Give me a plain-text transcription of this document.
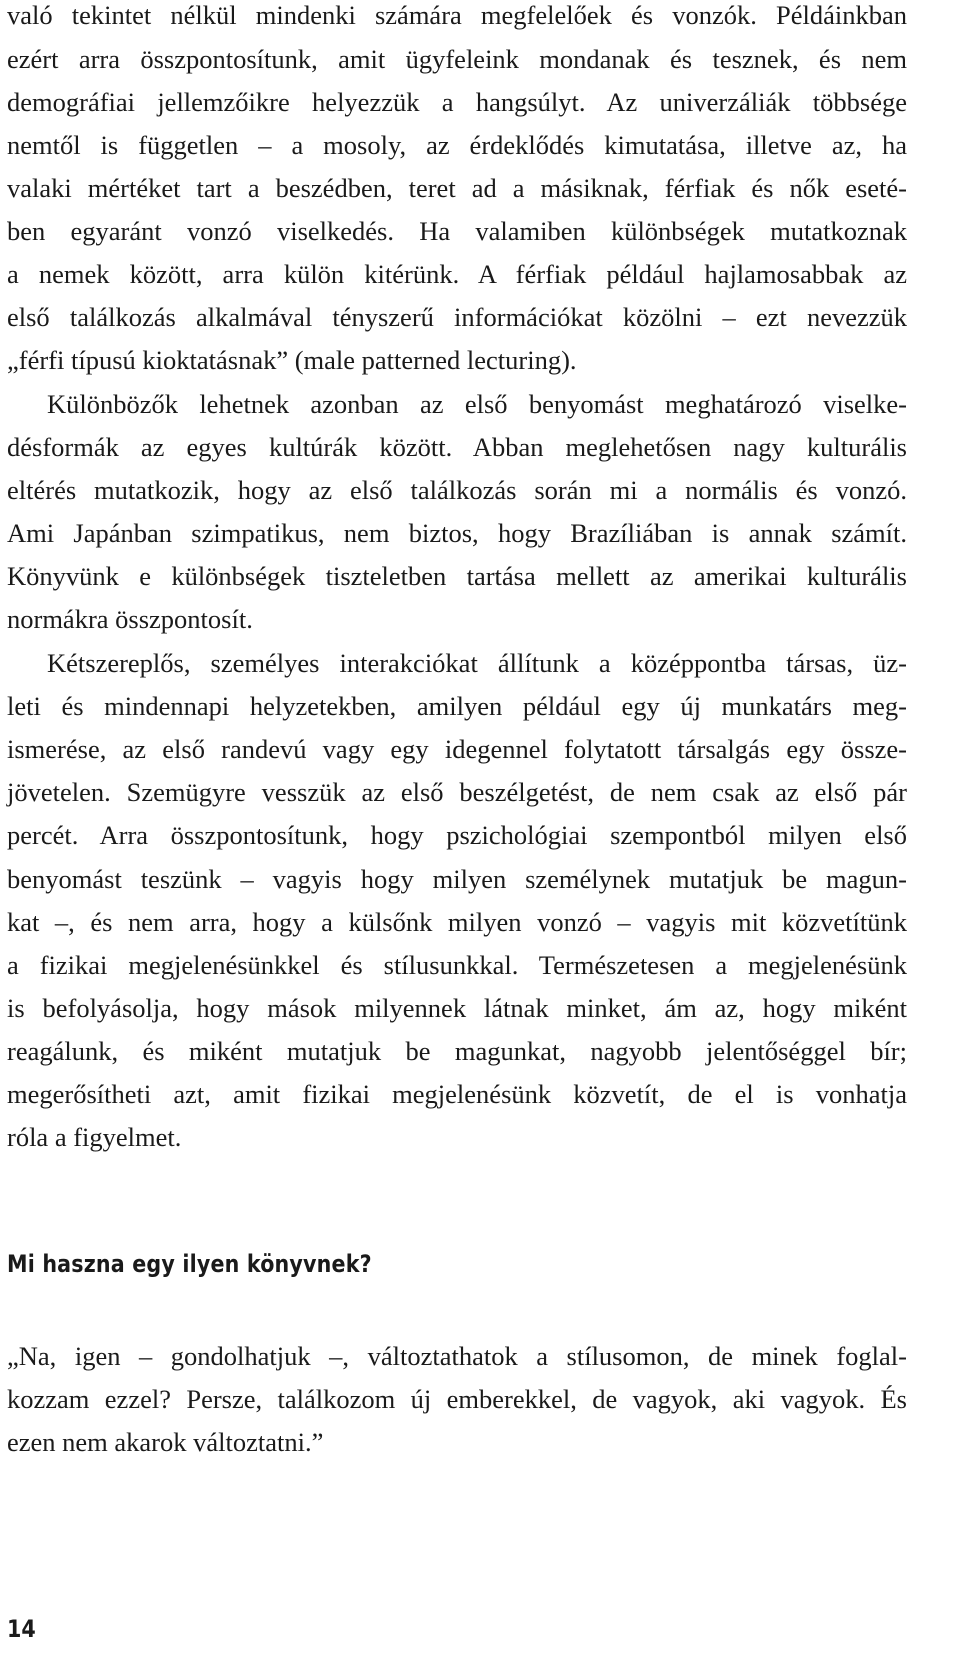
való tekintet nélkül mindenki számára megfelelőek és vonzók. Példáinkban
ezért arra összpontosítunk, amit ügyfeleink mondanak és tesznek, és nem
demográfiai jellemzőikre helyezzük a hangsúlyt. Az univerzáliák többsége
nemtől is független – a mosoly, az érdeklődés kimutatása, illetve az, ha
valaki mértéket tart a beszédben, teret ad a másiknak, férfiak és nők eseté-
ben egyaránt vonzó viselkedés. Ha valamiben különbségek mutatkoznak
a nemek között, arra külön kitérünk. A férfiak például hajlamosabbak az
első találkozás alkalmával tényszerű információkat közölni – ezt nevezzük
„férfi típusú kioktatásnak” (male patterned lecturing).
Különbözők lehetnek azonban az első benyomást meghatározó viselke-
désformák az egyes kultúrák között. Abban meglehetősen nagy kulturális
eltérés mutatkozik, hogy az első találkozás során mi a normális és vonzó.
Ami Japánban szimpatikus, nem biztos, hogy Brazíliában is annak számít.
Könyvünk e különbségek tiszteletben tartása mellett az amerikai kulturális
normákra összpontosít.
Kétszereplős, személyes interakciókat állítunk a középpontba társas, üz-
leti és mindennapi helyzetekben, amilyen például egy új munkatárs meg-
ismerése, az első randevú vagy egy idegennel folytatott társalgás egy össze-
jövetelen. Szemügyre vesszük az első beszélgetést, de nem csak az első pár
percét. Arra összpontosítunk, hogy pszichológiai szempontból milyen első
benyomást teszünk – vagyis hogy milyen személynek mutatjuk be magun-
kat –, és nem arra, hogy a külsőnk milyen vonzó – vagyis mit közvetítünk
a fizikai megjelenésünkkel és stílusunkkal. Természetesen a megjelenésünk
is befolyásolja, hogy mások milyennek látnak minket, ám az, hogy miként
reagálunk, és miként mutatjuk be magunkat, nagyobb jelentőséggel bír;
megerősítheti azt, amit fizikai megjelenésünk közvetít, de el is vonhatja
róla a figyelmet.
Mi haszna egy ilyen könyvnek?
„Na, igen – gondolhatjuk –, változtathatok a stílusomon, de minek foglal-
kozzam ezzel? Persze, találkozom új emberekkel, de vagyok, aki vagyok. És
ezen nem akarok változtatni.”
14
